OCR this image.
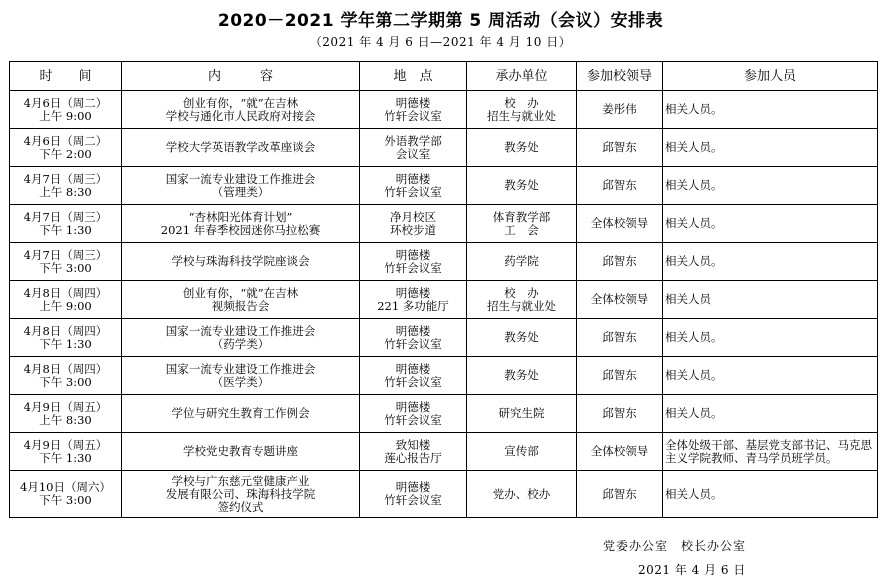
2020－2021 学年第二学期第 5 周活动（会议）安排表
（2021 年 4 月 6 日—2021 年 4 月 10 日）
时　　间	内　　　容	地　点	承办单位	参加校领导	参加人员

4月6日（周二）
上午 9:00	创业有你，“就”在吉林
学校与通化市人民政府对接会	明德楼
竹轩会议室	校　办
招生与就业处	姜彤伟	相关人员。

4月6日（周二）
下午 2:00	学校大学英语教学改革座谈会	外语教学部
会议室	教务处	邱智东	相关人员。

4月7日（周三）
上午 8:30	国家一流专业建设工作推进会
（管理类）	明德楼
竹轩会议室	教务处	邱智东	相关人员。

4月7日（周三）
下午 1:30	“杏林阳光体育计划”
2021 年春季校园迷你马拉松赛	净月校区
环校步道	体育教学部
工　会	全体校领导	相关人员。

4月7日（周三）
下午 3:00	学校与珠海科技学院座谈会	明德楼
竹轩会议室	药学院	邱智东	相关人员。

4月8日（周四）
上午 9:00	创业有你，“就”在吉林
视频报告会	明德楼
221 多功能厅	校　办
招生与就业处	全体校领导	相关人员

4月8日（周四）
下午 1:30	国家一流专业建设工作推进会
（药学类）	明德楼
竹轩会议室	教务处	邱智东	相关人员。

4月8日（周四）
下午 3:00	国家一流专业建设工作推进会
（医学类）	明德楼
竹轩会议室	教务处	邱智东	相关人员。

4月9日（周五）
上午 8:30	学位与研究生教育工作例会	明德楼
竹轩会议室	研究生院	邱智东	相关人员。

4月9日（周五）
下午 1:30	学校党史教育专题讲座	致知楼
莲心报告厅	宣传部	全体校领导	全体处级干部、基层党支部书记、马克思主义学院教师、青马学员班学员。

4月10日（周六）
下午 3:00	学校与广东慈元堂健康产业
发展有限公司、珠海科技学院
签约仪式	明德楼
竹轩会议室	党办、校办	邱智东	相关人员。
党委办公室　校长办公室
2021 年 4 月 6 日
